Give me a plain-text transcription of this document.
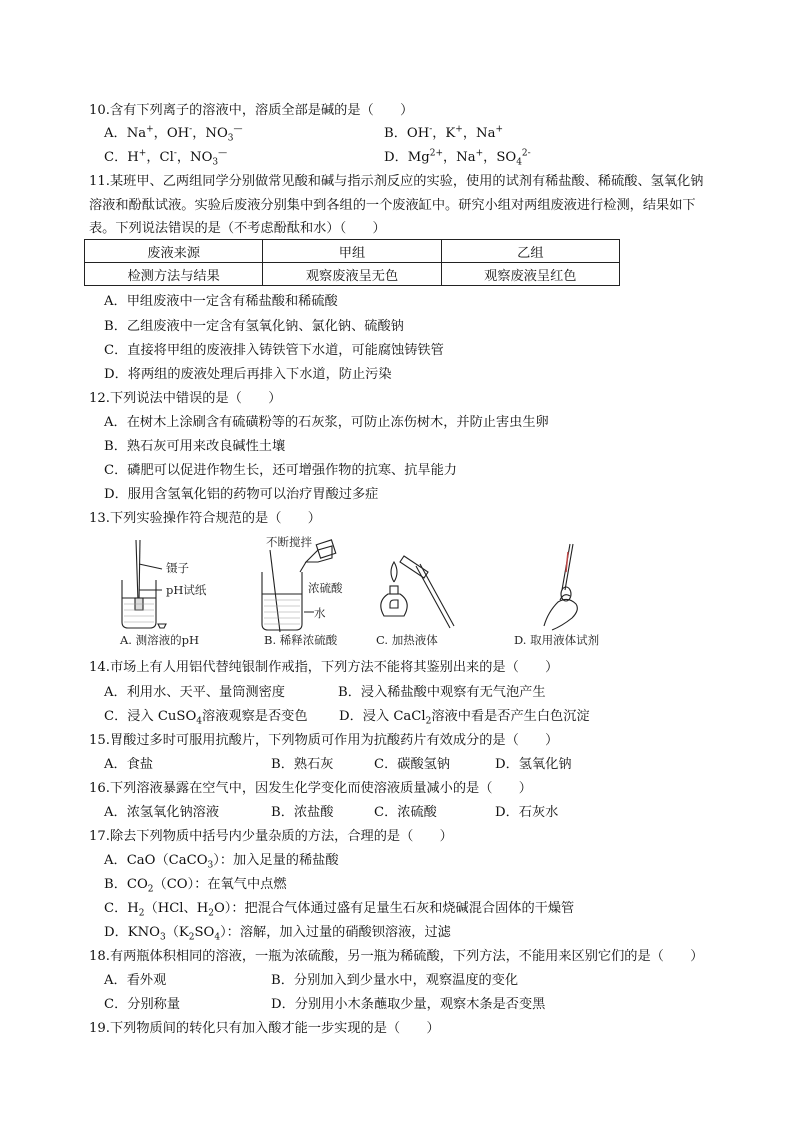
10.含有下列离子的溶液中，溶质全部是碱的是（　　）
A．Na+，OH-，$NO_3^—$	B．OH-，K+，Na+
C．H+，Cl-，$NO_3^—$	D．$Mg^{2+}$，Na+，$SO_4^{2-}$
11.某班甲、乙两组同学分别做常见酸和碱与指示剂反应的实验，使用的试剂有稀盐酸、稀硫酸、氢氧化钠
溶液和酚酞试液。实验后废液分别集中到各组的一个废液缸中。研究小组对两组废液进行检测，结果如下
表。下列说法错误的是（不考虑酚酞和水）（　　）
废液来源	甲组	乙组
检测方法与结果	观察废液呈无色	观察废液呈红色
A．甲组废液中一定含有稀盐酸和稀硫酸
B．乙组废液中一定含有氢氧化钠、氯化钠、硫酸钠
C．直接将甲组的废液排入铸铁管下水道，可能腐蚀铸铁管
D．将两组的废液处理后再排入下水道，防止污染
12.下列说法中错误的是（　　）
A．在树木上涂刷含有硫磺粉等的石灰浆，可防止冻伤树木，并防止害虫生卵
B．熟石灰可用来改良碱性土壤
C．磷肥可以促进作物生长，还可增强作物的抗寒、抗旱能力
D．服用含氢氧化铝的药物可以治疗胃酸过多症
13.下列实验操作符合规范的是（　　）
镊子
pH试纸
A. 测溶液的pH
不断搅拌
浓硫酸
水
B. 稀释浓硫酸	C. 加热液体	D. 取用液体试剂
14.市场上有人用铝代替纯银制作戒指，下列方法不能将其鉴别出来的是（　　）
A．利用水、天平、量筒测密度	B．浸入稀盐酸中观察有无气泡产生
C．浸入 CuSO$_4$溶液观察是否变色 D．浸入 CaCl$_2$溶液中看是否产生白色沉淀
15.胃酸过多时可服用抗酸片，下列物质可作用为抗酸药片有效成分的是（　　）
A．食盐	B．熟石灰	C．碳酸氢钠	D．氢氧化钠
16.下列溶液暴露在空气中，因发生化学变化而使溶液质量减小的是（　　）
A．浓氢氧化钠溶液	B．浓盐酸	C．浓硫酸	D．石灰水
17.除去下列物质中括号内少量杂质的方法，合理的是（　　）
A．CaO（CaCO$_3$）：加入足量的稀盐酸
B．$CO_2(CO)$：在氧气中点燃
C．$H_2(HCl$、$H_2O$）：把混合气体通过盛有足量生石灰和烧碱混合固体的干燥管
D．$KNO_3(K_2SO_4)$：溶解，加入过量的硝酸钡溶液，过滤
18.有两瓶体积相同的溶液，一瓶为浓硫酸，另一瓶为稀硫酸，下列方法，不能用来区别它们的是（　　）
A．看外观	B．分别加入到少量水中，观察温度的变化
C．分别称量	D．分别用小木条蘸取少量，观察木条是否变黑
19.下列物质间的转化只有加入酸才能一步实现的是（　　）
